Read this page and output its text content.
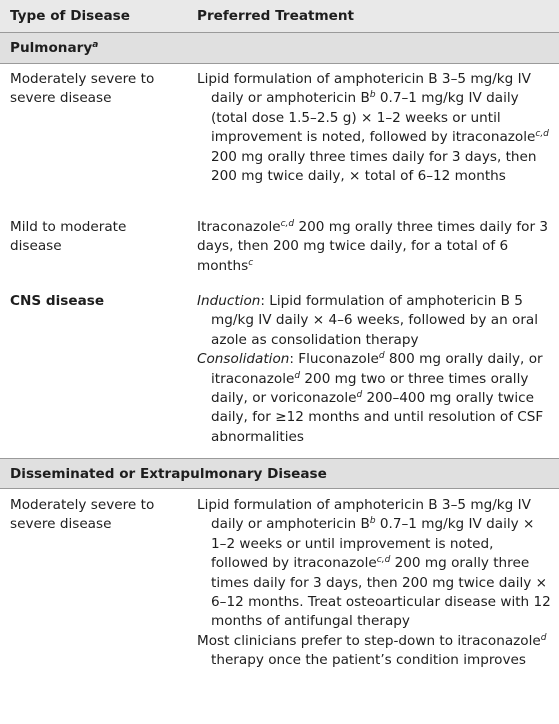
Type of Disease	Preferred Treatment
Pulmonary$^a$
Moderately severe to severe disease

Lipid formulation of amphotericin B 3–5 mg/kg IV daily or amphotericin $B^b$ 0.7–1 mg/kg IV daily (total dose 1.5–2.5 g) × 1–2 weeks or until improvement is noted, followed by itraconazole$^{c,d}$ 200 mg orally three times daily for 3 days, then 200 mg twice daily, × total of 6–12 months

Mild to moderate disease

Itraconazole$^{c,d}$ 200 mg orally three times daily for 3 days, then 200 mg twice daily, for a total of 6 months$^c$

CNS disease	Induction: Lipid formulation of amphotericin B 5 mg/kg IV daily × 4–6 weeks, followed by an oral azole as consolidation therapy

Consolidation: Fluconazole$^d$ 800 mg orally daily, or itraconazole$^d$ 200 mg two or three times orally daily, or voriconazole$^d$ 200–400 mg orally twice daily, for ≥12 months and until resolution of CSF abnormalities

Disseminated or Extrapulmonary Disease
Moderately severe to severe disease

Lipid formulation of amphotericin B 3–5 mg/kg IV daily or amphotericin $B^b$ 0.7–1 mg/kg IV daily × 1–2 weeks or until improvement is noted, followed by itraconazole$^{c,d}$ 200 mg orally three times daily for 3 days, then 200 mg twice daily × 6–12 months. Treat osteoarticular disease with 12 months of antifungal therapy

Most clinicians prefer to step-down to itraconazole$^d$ therapy once the patient’s condition improves
